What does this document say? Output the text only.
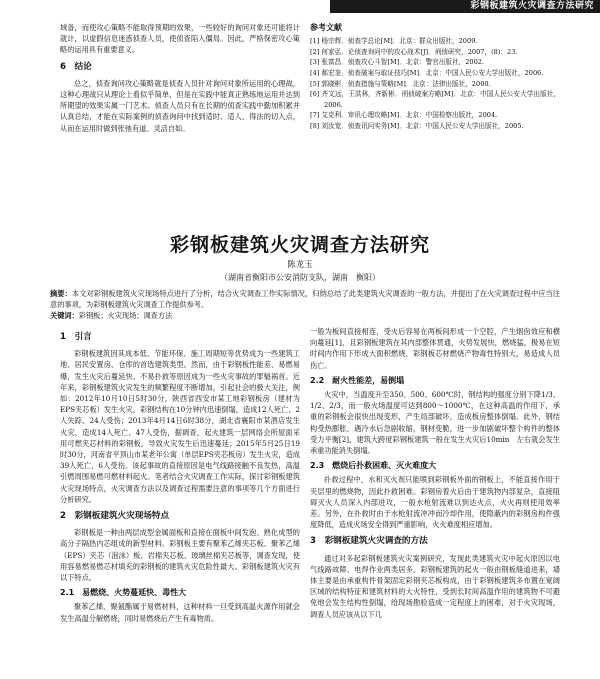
彩钢板建筑火灾调查方法研究

域备，而使攻心策略不能取得预期的效果，一些较好的询问对象还可能将计就计，以虚假信息迷惑侦查人员，使侦查陷入僵局。因此，严格保密攻心策略的运用具有重要意义。

6　结论

总之，侦查询问攻心策略就是侦查人员针对询问对象所运用的心理战，这种心理战只从理论上看似乎简单，但是在实践中能真正熟练地运用并达到所期望的效果实属一门艺术。侦查人员只有在长期的侦查实践中勤加积累并认真总结，才能在实际案例的侦查询问中找到适时、适人、得法的切入点，从而在运用时做到张弛有道、灵活自如。

参考文献
[1] 杨宗辉．侦查学总论[M]．北京：群众出版社，2009.
[2] 何家弘．论侦查询问中的攻心战术[J]．刑侦研究，2007，(8)：23.
[3] 张富昌．侦查攻心斗智[M]．北京：警官出版社，2002.
[4] 郝宏奎．侦查破案与取证技巧[M]．北京：中国人民公安大学出版社，2006.
[5] 郭晓彬．侦查措施与策略[M]．北京：法律出版社，2000.
[6] 齐文远，王洪林，齐新彬．刑侦破案方略[M]．北京：中国人民公安大学出版社，2006.
[7] 艾克利．审讯心理攻略[M]．北京：中国检察出版社，2004.
[8] 刘汝宽．侦查讯问实务[M]．北京：中国人民公安大学出版社，2005.
彩钢板建筑火灾调查方法研究
陈龙玉
（湖南省衡阳市公安消防支队，湖南　衡阳）
摘要：本文对彩钢板建筑火灾现场特点进行了分析，结合火灾调查工作实际情况，归纳总结了此类建筑火灾调查的一般方法，并提出了在火灾调查过程中应当注意的事项，为彩钢板建筑火灾调查工作提供参考。
关键词：彩钢板；火灾现场；调查方法
1　引言

彩钢板建筑因其成本低、节能环保、施工周期短等优势成为一些建筑工地、居民安置房、仓库的首选建筑类型。然而，由于彩钢板性能差、易燃易爆，发生火灾后蔓延快、不易扑救等原因成为一些火灾事故的罪魁祸首。近年来，彩钢板建筑火灾发生的频繁程度不断增加，引起社会的极大关注，例如：2012年10月10日5时30分，陕西省西安市某工地彩钢板房（建材为EPS夹芯板）发生火灾，彩钢结构在10分钟内迅速倒塌，造成12人死亡、2人失踪、24人受伤；2013年4月14日6时38分，湖北省襄阳市某酒店发生火灾，造成14人死亡、47人受伤，据调查，起火建筑一层网络会所屋面采用可燃夹芯材料的彩钢板，导致火灾发生后迅速蔓延；2015年5月25日19时30分，河南省平顶山市某老年公寓（单层EPS夹芯板房）发生火灾，造成39人死亡，6人受伤。该起事故的直接原因是电气线路接触不良发热，高温引燃周围易燃可燃材料起火。笔者结合火灾调查工作实际，探讨彩钢板建筑火灾现场特点，火灾调查方法以及调查过程需要注意的事项等几个方面进行分析研究。

2　彩钢板建筑火灾现场特点

彩钢板是一种由两层成型金属面板和直接在面板中间发泡、熟化成型的高分子隔热内芯组成的新型材料。彩钢板主要有聚苯乙烯夹芯板、聚苯乙烯（EPS）夹芯（泡沫）板、岩棉夹芯板、玻璃丝棉夹芯板等，调查发现，使用容易燃易燃芯材填充的彩钢板的建筑火灾危险性最大。彩钢板建筑火灾有以下特点。

2.1　易燃烧、火势蔓延快、毒性大

聚苯乙烯、聚氨酯属于易燃材料，这种材料一旦受到高温火源作用就会发生高温分解燃烧，同时易燃烧后产生有毒物质。

一般为板间直接相连，受火后容易在两板间形成一个空腔，产生烟囱效应和横向蔓延[1]，且彩钢板建筑在其内部整体贯通，火势发展快，燃烧猛，极易在短时间内作用下形成大面积燃烧，彩钢板芯材燃烧产物毒性特别大，易造成人员伤亡。

2.2　耐火性能差，易倒塌

火灾中，当温度升至350、500、600℃时，钢结构的强度分别下降1/3、1/2、2/3，而一般火场温度可达到800～1000℃，在这种高温的作用下，承重的彩钢板会很快出现变形，产生局部破坏，造成板房整体倒塌。此外，钢结构受热膨胀，遇冷水后急剧收缩，钢材变脆，进一步加剧破坏整个构件的整体受力平衡[2]，建筑大跨度彩钢板建筑一般在发生火灾后10min　左右就会发生承重功能消失倒塌。

2.3　燃烧后扑救困难、灭火难度大

扑救过程中，水和灭火剂只能喷到彩钢板外面的钢板上，不能直接作用于夹层里的燃烧物，因此扑救困难。彩钢房着火后由于建筑物内部复杂，直接阻碍灭火人员深入内部进攻，一般水枪射流难以到达火点，火火再则使用效率差。另外，在扑救时由于水枪射流冲冲而冷却作用，使隐蔽内的彩钢房构件强度降低，造成火场安全得到严重影响，火火难度相应增加。

3　彩钢板建筑火灾调查的方法

通过对多起彩钢板建筑火灾案例研究，发现此类建筑火灾中起火原因以电气线路故障、电焊作业两类居多。彩钢板建筑的起火一般由钢板缝道进来，墙体主要是由承重构件骨架固定彩钢夹芯板构成，由于彩钢板建筑多布置在宽阔区域的结构特征和建筑材料的大火特性，受到长时间高温作用的建筑物不可避免地会发生结构性倒塌，给现场勘验造成一定程度上的困难，对于火灾现场，调查人员应该从以下几
